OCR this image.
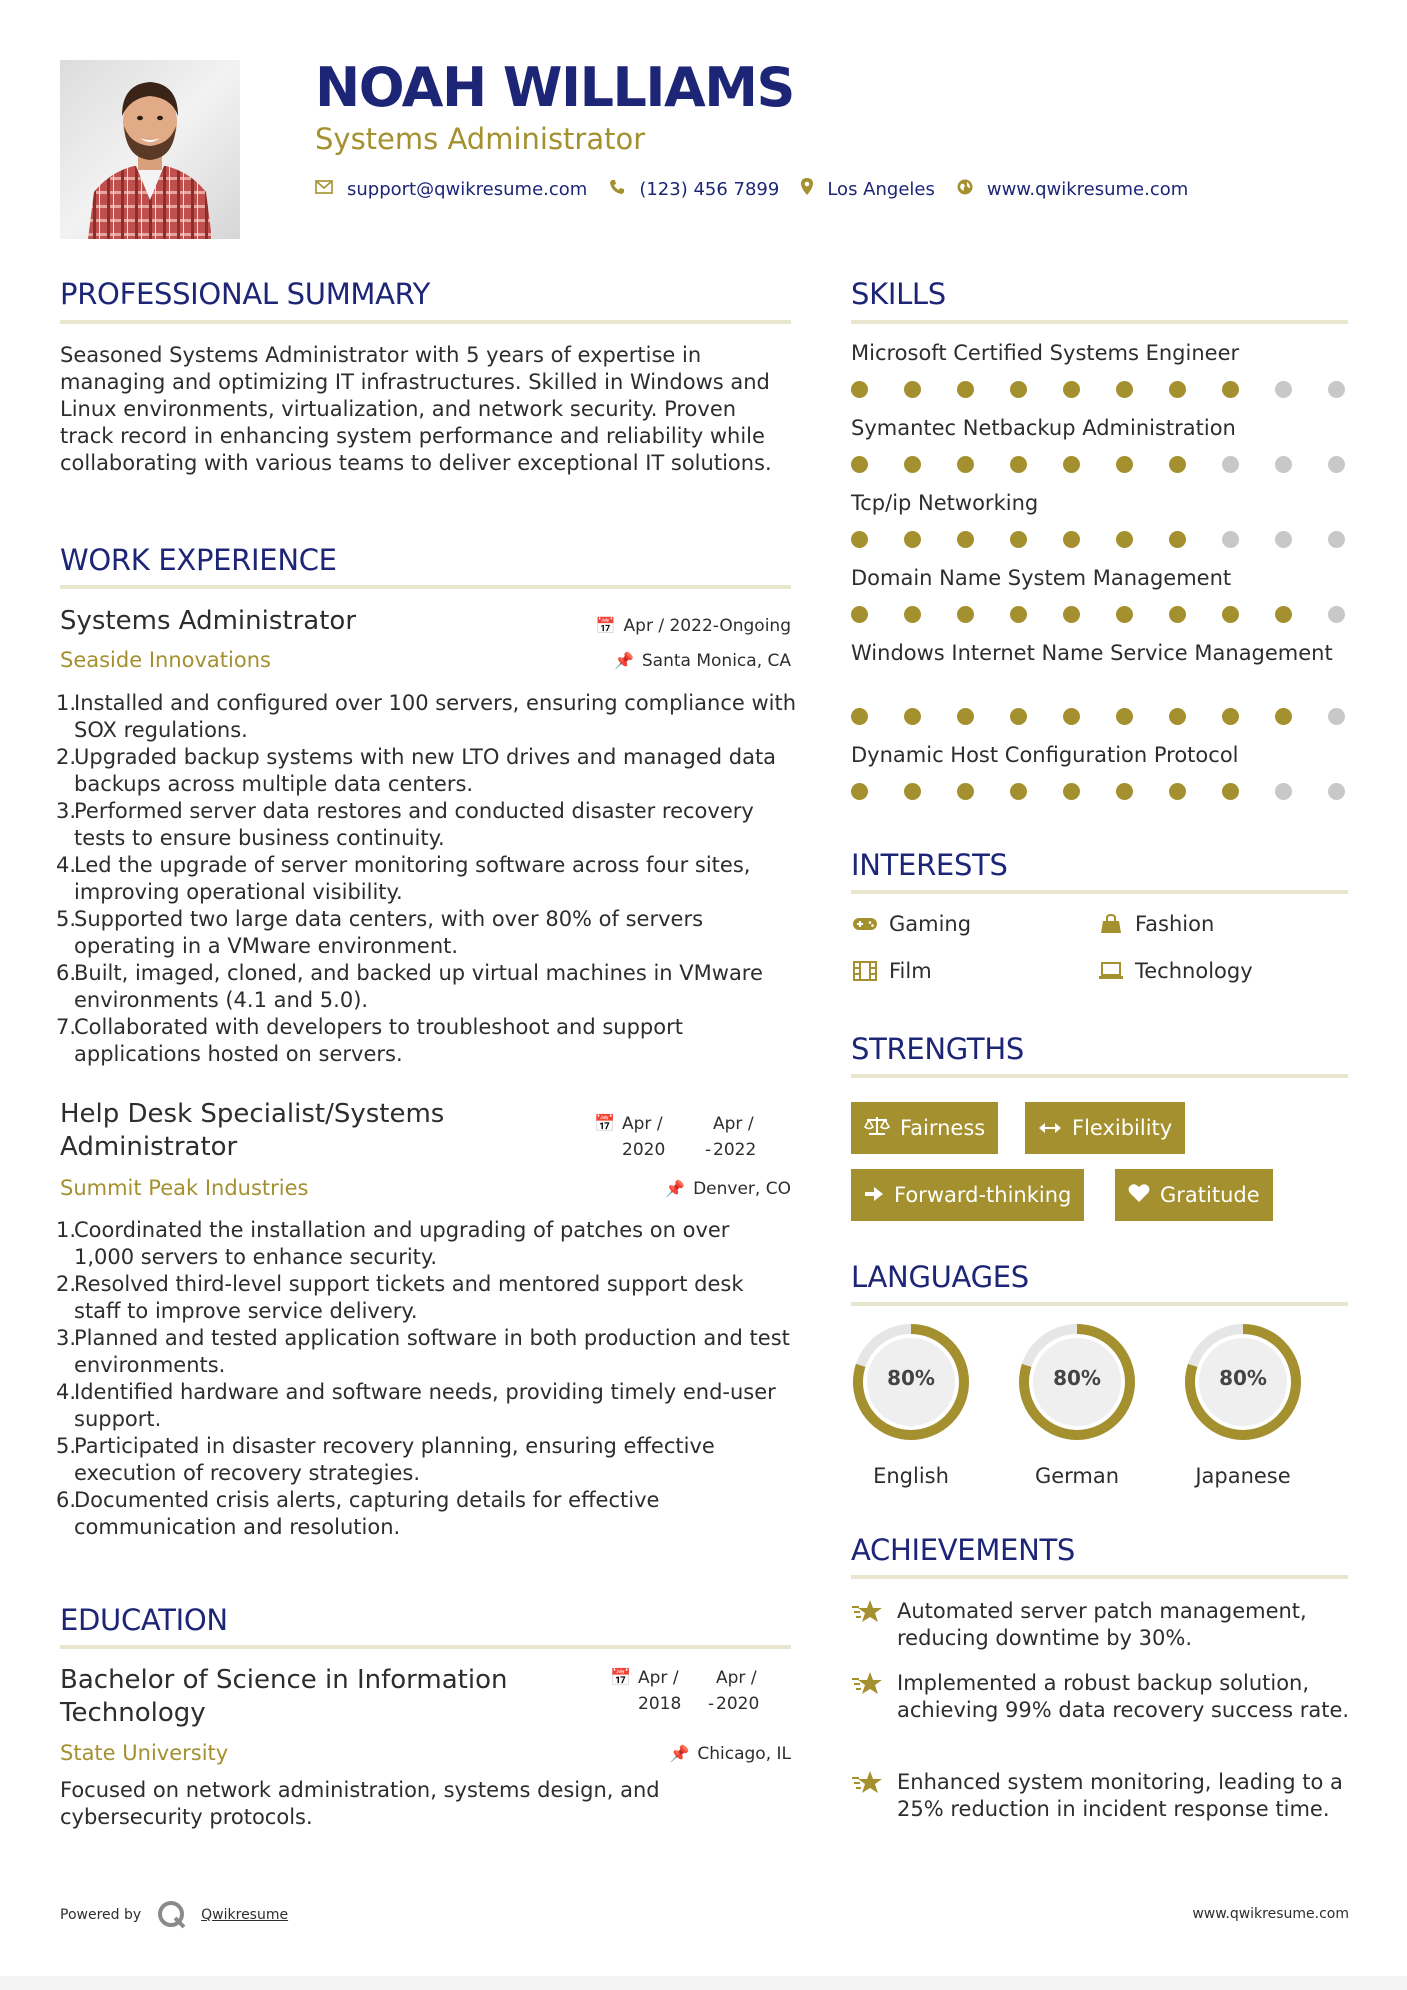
NOAH WILLIAMS
Systems Administrator
support@qwikresume.com	(123) 456 7899	Los Angeles	www.qwikresume.com
PROFESSIONAL SUMMARY
Seasoned Systems Administrator with 5 years of expertise in managing and optimizing IT infrastructures. Skilled in Windows and Linux environments, virtualization, and network security. Proven track record in enhancing system performance and reliability while collaborating with various teams to deliver exceptional IT solutions.
WORK EXPERIENCE
Systems Administrator	📅 Apr / 2022-Ongoing
Seaside Innovations	📌 Santa Monica, CA
1.
Installed and configured over 100 servers, ensuring compliance with SOX regulations.
2.
Upgraded backup systems with new LTO drives and managed data backups across multiple data centers.
3.
Performed server data restores and conducted disaster recovery tests to ensure business continuity.
4.
Led the upgrade of server monitoring software across four sites, improving operational visibility.
5.
Supported two large data centers, with over 80% of servers operating in a VMware environment.
6.
Built, imaged, cloned, and backed up virtual machines in VMware environments (4.1 and 5.0).
7.
Collaborated with developers to troubleshoot and support applications hosted on servers.
Help Desk Specialist/Systems Administrator
📅 Apr /
2020
	-
Apr /
2022
Summit Peak Industries	📌 Denver, CO
1.
Coordinated the installation and upgrading of patches on over 1,000 servers to enhance security.
2.
Resolved third-level support tickets and mentored support desk staff to improve service delivery.
3.
Planned and tested application software in both production and test environments.
4.
Identified hardware and software needs, providing timely end-user support.
5.
Participated in disaster recovery planning, ensuring effective execution of recovery strategies.
6.
Documented crisis alerts, capturing details for effective communication and resolution.
EDUCATION
Bachelor of Science in Information Technology
📅 Apr /
2018
	-
Apr /
2020
State University	📌 Chicago, IL
Focused on network administration, systems design, and cybersecurity protocols.
SKILLS
Microsoft Certified Systems Engineer
Symantec Netbackup Administration
Tcp/ip Networking
Domain Name System Management
Windows Internet Name Service Management
Dynamic Host Configuration Protocol
INTERESTS
Gaming	Fashion
Film	Technology
STRENGTHS
Fairness	Flexibility
Forward-thinking	Gratitude
LANGUAGES
80%
English
80%
German
80%
Japanese
ACHIEVEMENTS
Automated server patch management, reducing downtime by 30%.
Implemented a robust backup solution, achieving 99% data recovery success rate.
Enhanced system monitoring, leading to a 25% reduction in incident response time.
Powered by	Qwikresume	www.qwikresume.com
